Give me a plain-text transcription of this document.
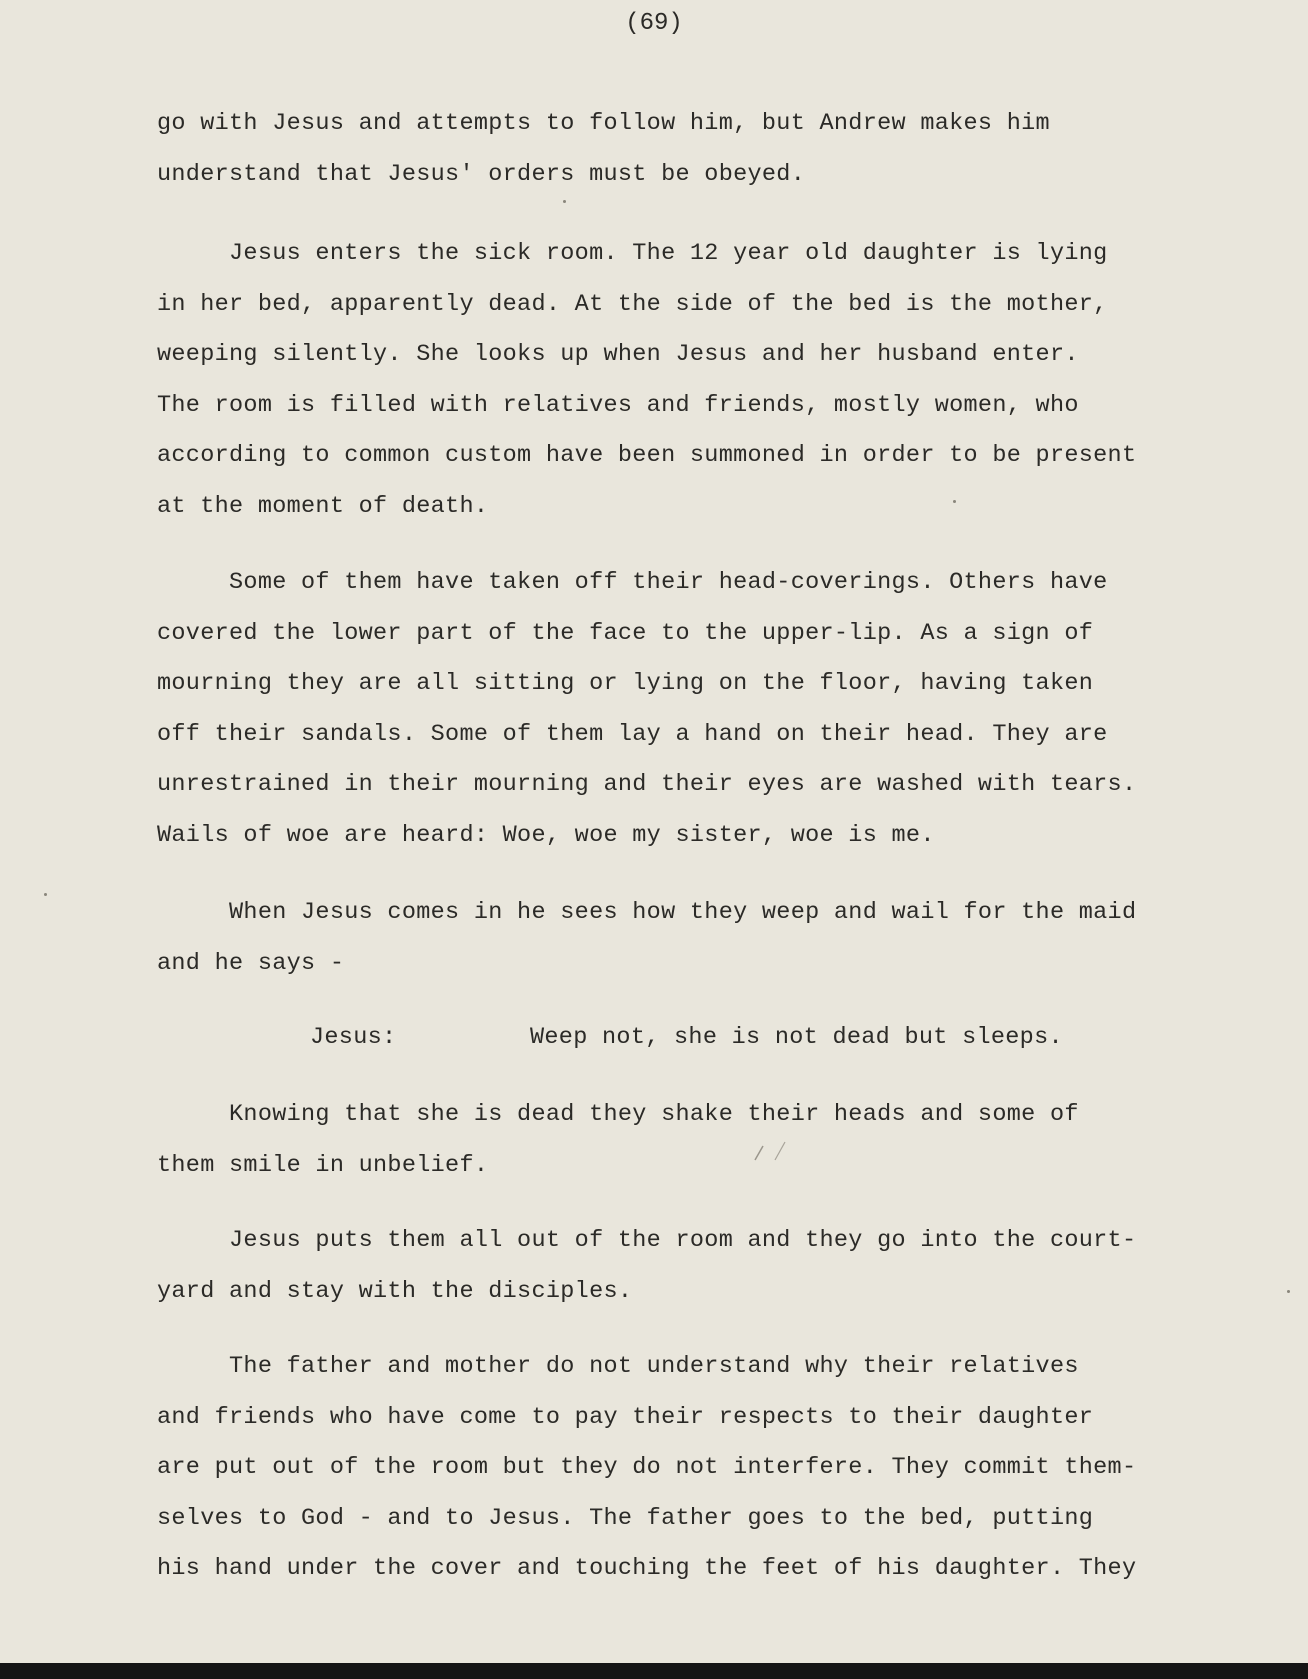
(69)

go with Jesus and attempts to follow him, but Andrew makes him

understand that Jesus' orders must be obeyed.

Jesus enters the sick room. The 12 year old daughter is lying

in her bed, apparently dead. At the side of the bed is the mother,

weeping silently. She looks up when Jesus and her husband enter.

The room is filled with relatives and friends, mostly women, who

according to common custom have been summoned in order to be present

at the moment of death.

Some of them have taken off their head-coverings. Others have

covered the lower part of the face to the upper-lip. As a sign of

mourning they are all sitting or lying on the floor, having taken

off their sandals. Some of them lay a hand on their head. They are

unrestrained in their mourning and their eyes are washed with tears.

Wails of woe are heard: Woe, woe my sister, woe is me.

When Jesus comes in he sees how they weep and wail for the maid

and he says -

Jesus:	Weep not, she is not dead but sleeps.

Knowing that she is dead they shake their heads and some of

them smile in unbelief.

Jesus puts them all out of the room and they go into the court-

yard and stay with the disciples.

The father and mother do not understand why their relatives

and friends who have come to pay their respects to their daughter

are put out of the room but they do not interfere. They commit them-

selves to God - and to Jesus. The father goes to the bed, putting

his hand under the cover and touching the feet of his daughter. They
